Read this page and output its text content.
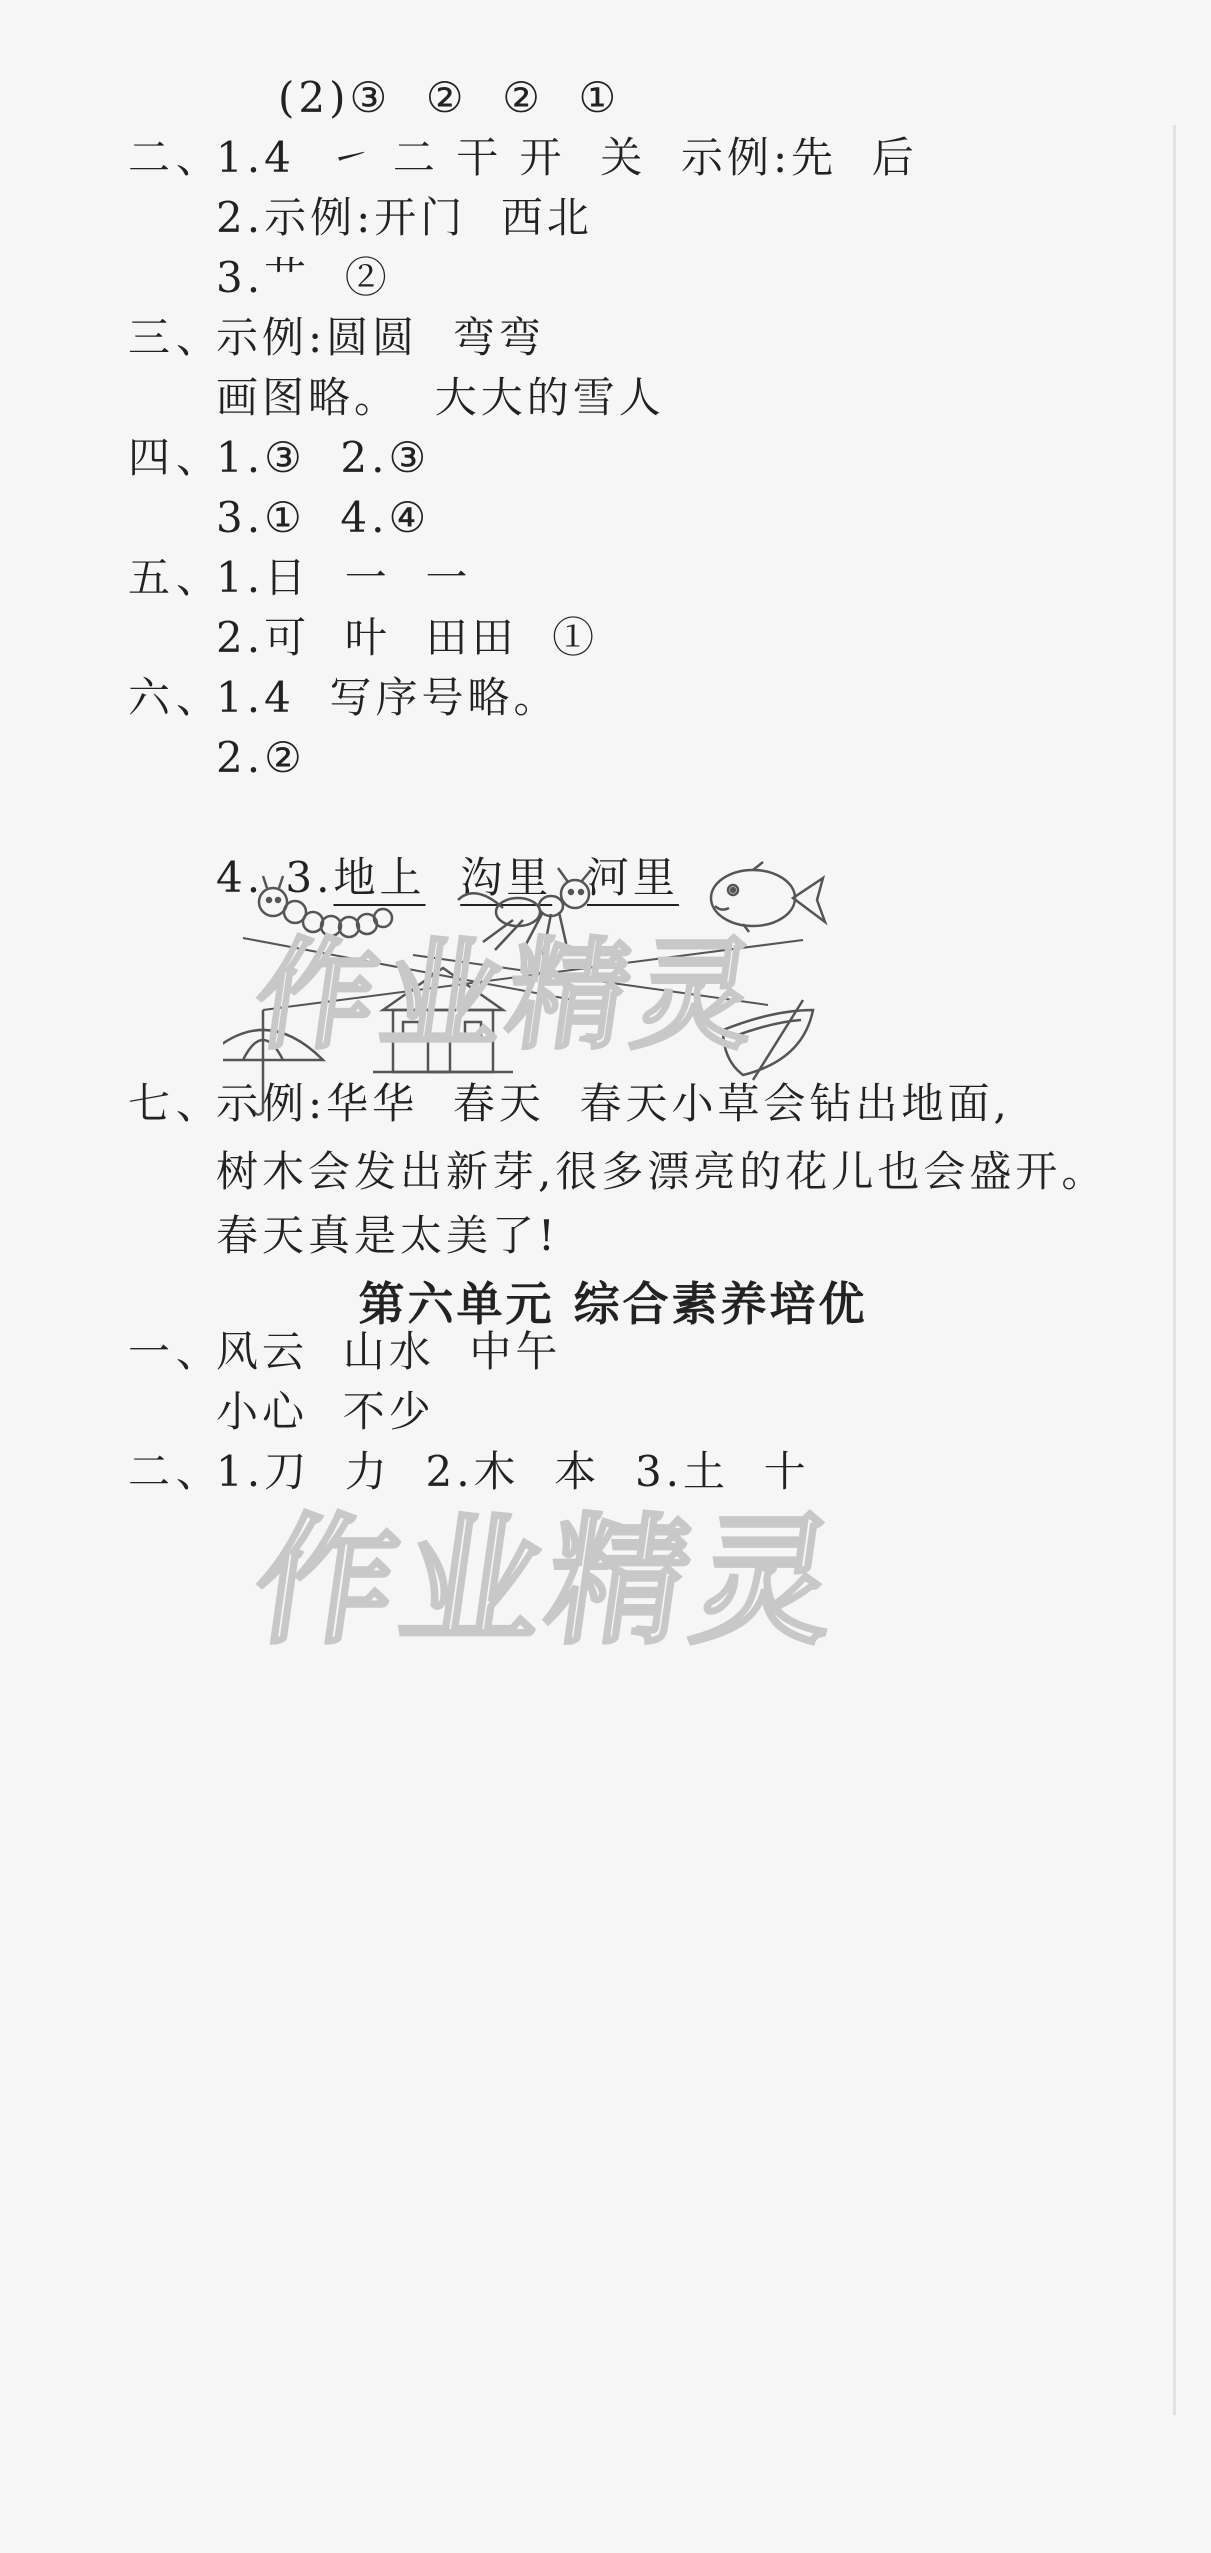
(2)③  ②  ②  ①
二、
1.4  ㇀ 二 干 开  关  示例:先  后
2.示例:开门  西北
3.艹  ②
三、
示例:圆圆  弯弯
画图略。  大大的雪人
四、
1.③  2.③
3.①  4.④
五、
1.日  一  一
2.可  叶  田田  ①
六、
1.4  写序号略。
2.②

3.地上 沟里 河里

4.
七、
示例:华华  春天  春天小草会钻出地面,
树木会发出新芽,很多漂亮的花儿也会盛开。
春天真是太美了!
第六单元 综合素养培优
一、
风云  山水  中午
小心  不少
二、
1.刀  力  2.木  本  3.土  十
作业精灵
作业精灵
